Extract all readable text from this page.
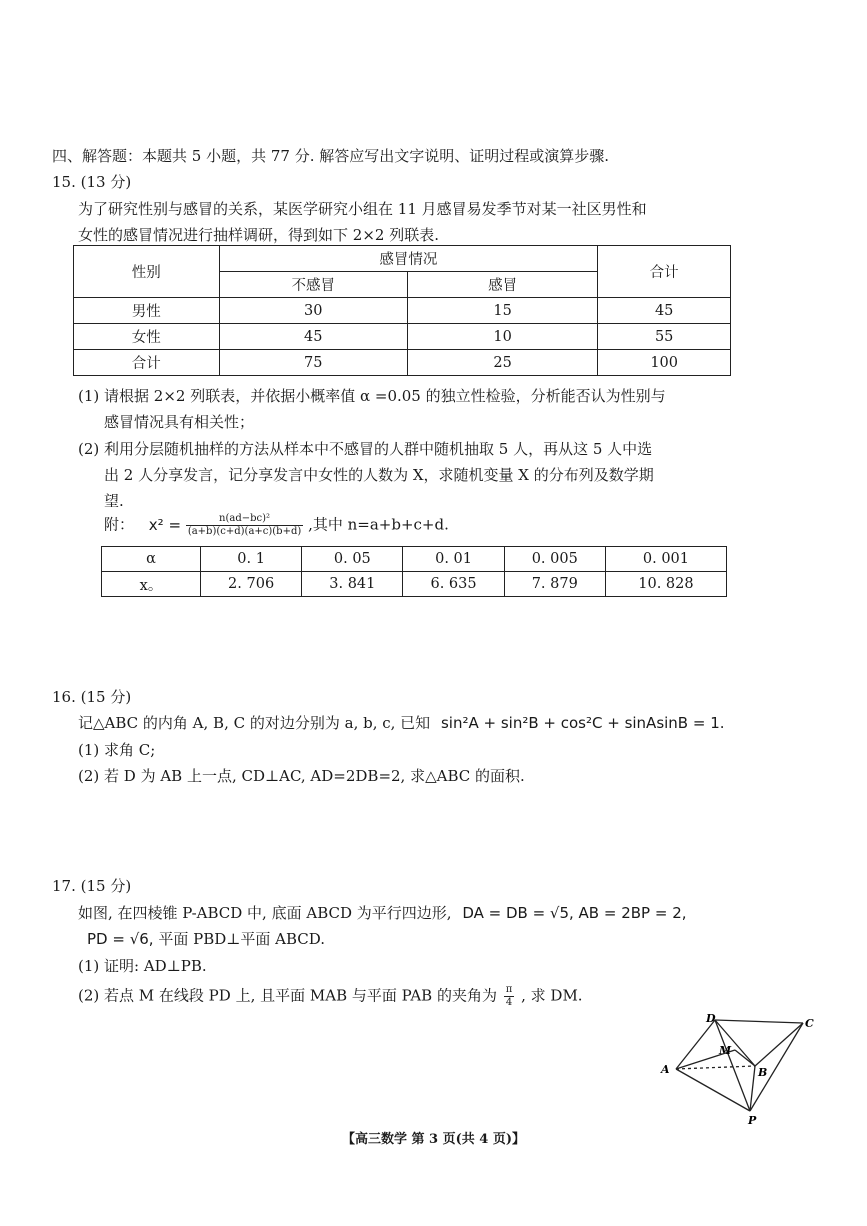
四、解答题：本题共 5 小题，共 77 分. 解答应写出文字说明、证明过程或演算步骤.
15. (13 分)
为了研究性别与感冒的关系，某医学研究小组在 11 月感冒易发季节对某一社区男性和
女性的感冒情况进行抽样调研，得到如下 2×2 列联表.
性别	感冒情况		合计
	不感冒	感冒	
男性	30	15	45
女性	45	10	55
合计	75	25	100
(1) 请根据 2×2 列联表，并依据小概率值 α =0.05 的独立性检验，分析能否认为性别与
感冒情况具有相关性；
(2) 利用分层随机抽样的方法从样本中不感冒的人群中随机抽取 5 人，再从这 5 人中选
出 2 人分享发言，记分享发言中女性的人数为 X，求随机变量 X 的分布列及数学期
望.
附： $x^2 = \frac{\text{n(ad−bc)²}}{(a+b)(c+d)(a+c)(b+d)}$ ,其中 n=a+b+c+d.
α	0. 1	0. 05	0. 01	0. 005	0. 001
x。	2. 706	3. 841	6. 635	7. 879	10. 828
16. (15 分)
记△ABC 的内角 A, B, C 的对边分别为 a, b, c, 已知 sin²A + sin²B + cos²C + sinAsinB = 1.
(1) 求角 C;
(2) 若 D 为 AB 上一点, CD⊥AC, AD=2DB=2, 求△ABC 的面积.
17. (15 分)
如图, 在四棱锥 P-ABCD 中, 底面 ABCD 为平行四边形, DA = DB = √5, AB = 2BP = 2,
PD = √6, 平面 PBD⊥平面 ABCD.
(1) 证明: AD⊥PB.
(2) 若点 M 在线段 PD 上, 且平面 MAB 与平面 PAB 的夹角为 $\frac{\pi}{4}$ , 求 DM.
D	C
A	B
M
P
【高三数学 第 3 页(共 4 页)】
